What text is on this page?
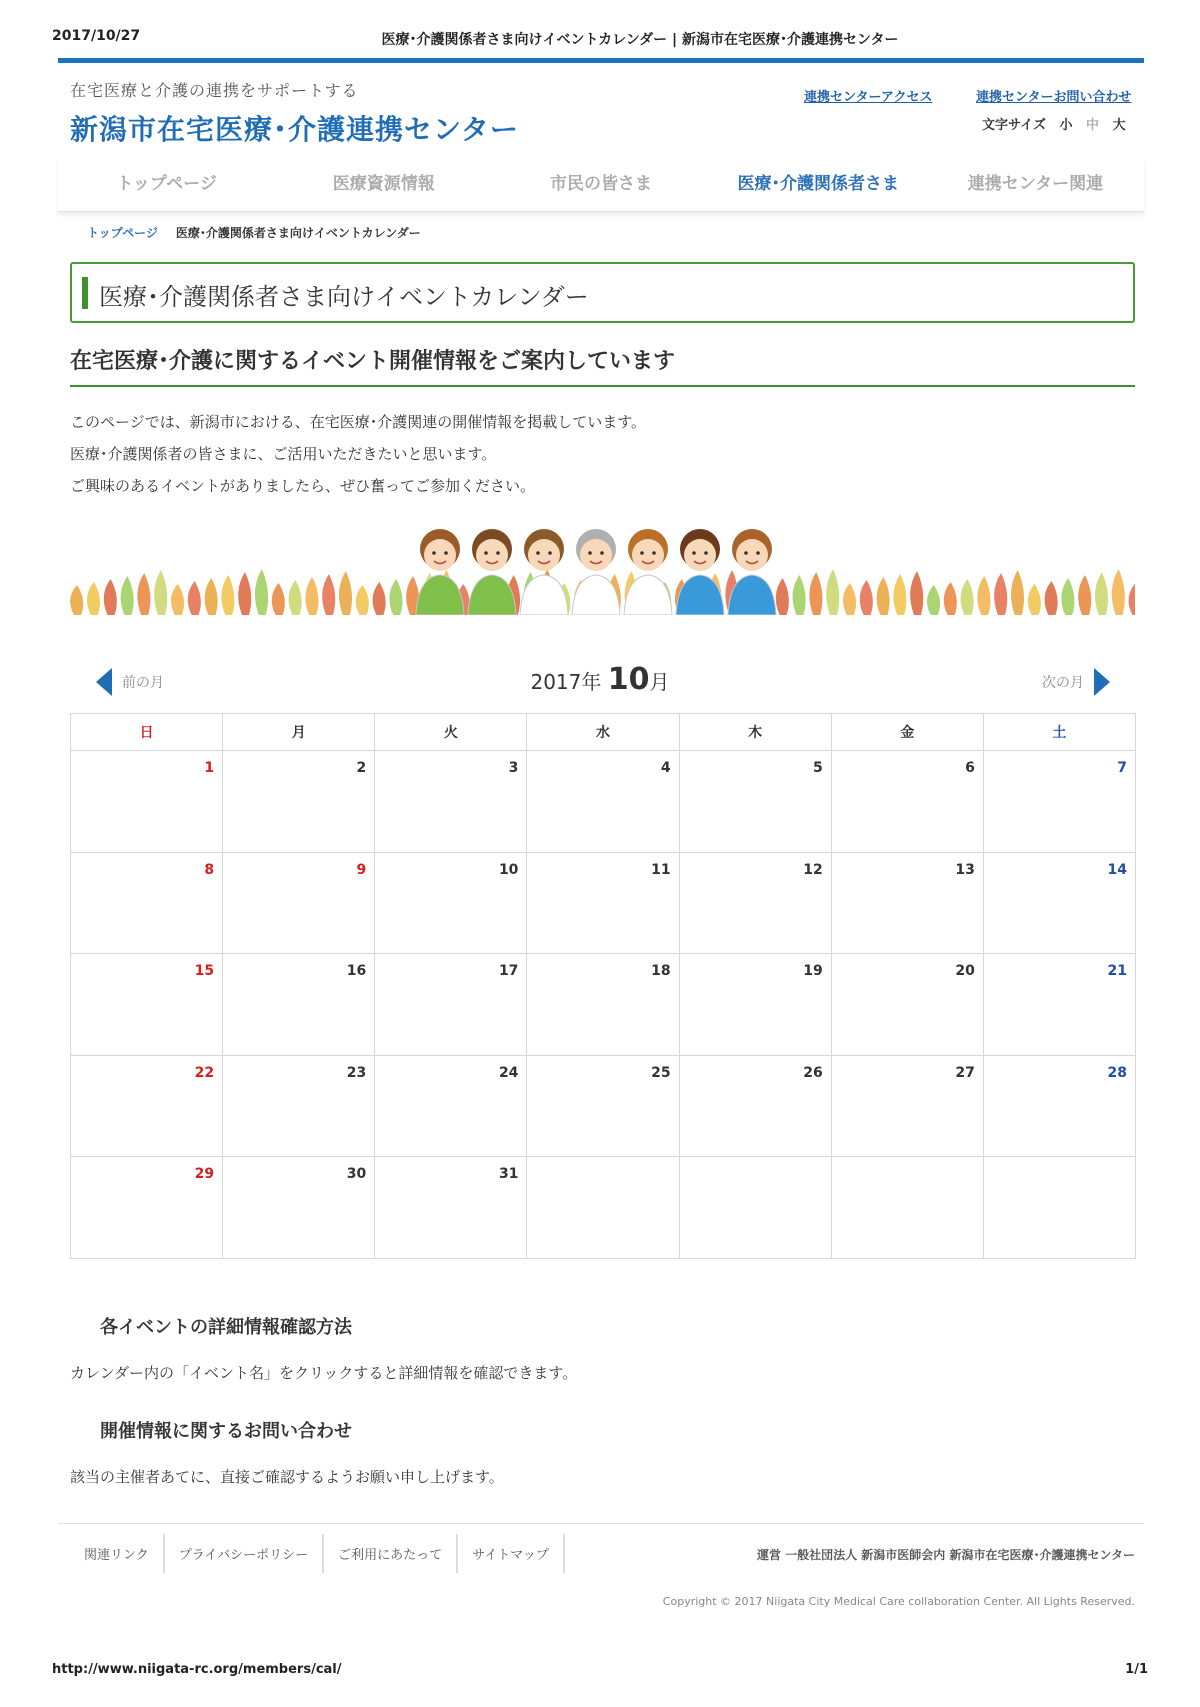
2017/10/27	医療･介護関係者さま向けイベントカレンダー | 新潟市在宅医療･介護連携センター
在宅医療と介護の連携をサポートする
新潟市在宅医療･介護連携センター
連携センターアクセス	連携センターお問い合わせ
文字サイズ 小 中 大
トップページ	医療資源情報	市民の皆さま	医療･介護関係者さま	連携センター関連
トップページ 医療･介護関係者さま向けイベントカレンダー
医療･介護関係者さま向けイベントカレンダー
在宅医療･介護に関するイベント開催情報をご案内しています
このページでは、新潟市における、在宅医療･介護関連の開催情報を掲載しています。
医療･介護関係者の皆さまに、ご活用いただきたいと思います。
ご興味のあるイベントがありましたら、ぜひ奮ってご参加ください。
前の月	2017年 10月	次の月
日	月	火	水	木	金	土
1	2	3	4	5	6	7
8	9	10	11	12	13	14
15	16	17	18	19	20	21
22	23	24	25	26	27	28
29	30	31				
各イベントの詳細情報確認方法
カレンダー内の「イベント名」をクリックすると詳細情報を確認できます。
開催情報に関するお問い合わせ
該当の主催者あてに、直接ご確認するようお願い申し上げます。
関連リンク	プライバシーポリシー	ご利用にあたって	サイトマップ	運営 一般社団法人 新潟市医師会内 新潟市在宅医療･介護連携センター
Copyright © 2017 Niigata City Medical Care collaboration Center. All Lights Reserved.
http://www.niigata-rc.org/members/cal/	1/1
